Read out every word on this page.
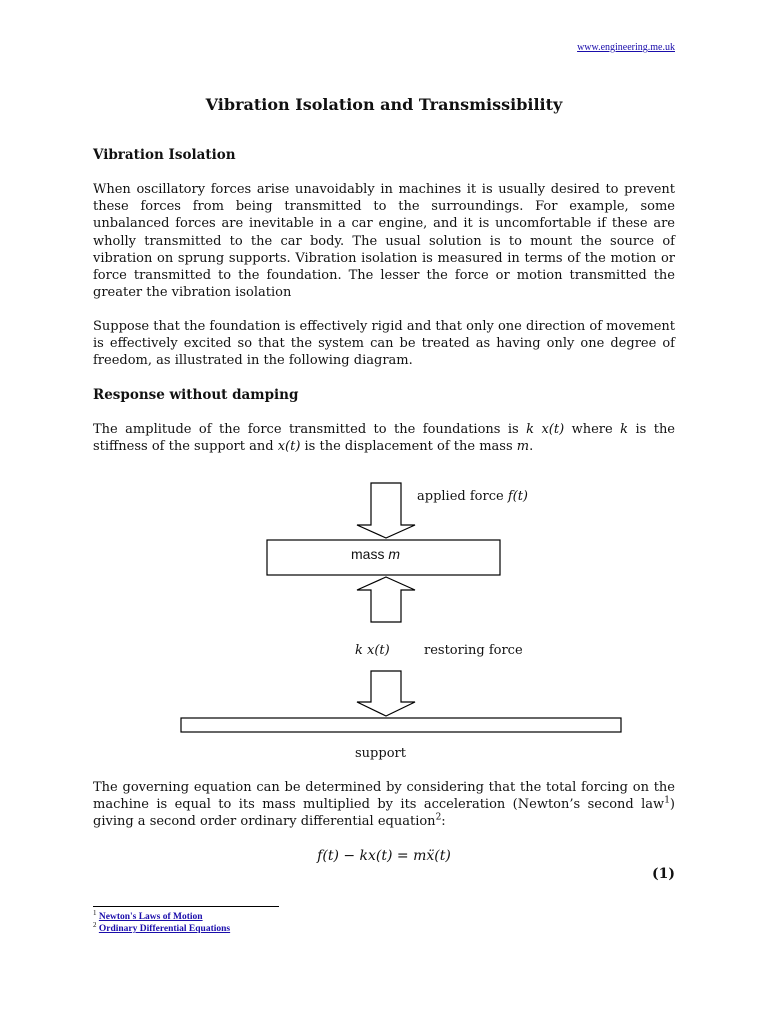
www.engineering.me.uk
Vibration Isolation and Transmissibility
Vibration Isolation

When oscillatory forces arise unavoidably in machines it is usually desired to prevent these forces from being transmitted to the surroundings. For example, some unbalanced forces are inevitable in a car engine, and it is uncomfortable if these are wholly transmitted to the car body. The usual solution is to mount the source of vibration on sprung supports. Vibration isolation is measured in terms of the motion or force transmitted to the foundation. The lesser the force or motion transmitted the greater the vibration isolation

Suppose that the foundation is effectively rigid and that only one direction of movement is effectively excited so that the system can be treated as having only one degree of freedom, as illustrated in the following diagram.

Response without damping

The amplitude of the force transmitted to the foundations is k x(t) where k is the stiffness of the support and x(t) is the displacement of the mass m.

applied force f(t)
mass m
k x(t)	restoring force
support

The governing equation can be determined by considering that the total forcing on the machine is equal to its mass multiplied by its acceleration (Newton’s second law$^1$) giving a second order ordinary differential equation$^2$:

f(t) − kx(t) = mẍ(t)
(1)
$^1$ Newton's Laws of Motion
$^2$ Ordinary Differential Equations
